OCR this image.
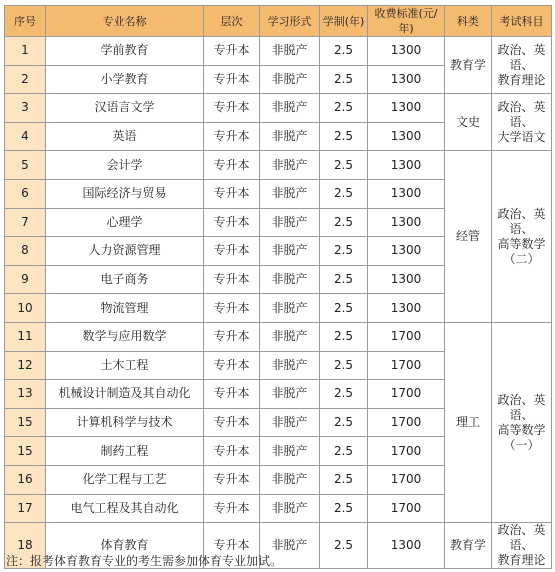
序号	专业名称	层次	学习形式	学制(年)	收费标准(元/年)	科类	考试科目
1	学前教育	专升本	非脱产	2.5	1300	教育学	政治、英语、
教育理论
2	小学教育	专升本	非脱产	2.5	1300		
3	汉语言文学	专升本	非脱产	2.5	1300	文史	政治、英语、
大学语文
4	英语	专升本	非脱产	2.5	1300		
5	会计学	专升本	非脱产	2.5	1300	经管	政治、英语、
高等数学（二）
6	国际经济与贸易	专升本	非脱产	2.5	1300		
7	心理学	专升本	非脱产	2.5	1300		
8	人力资源管理	专升本	非脱产	2.5	1300		
9	电子商务	专升本	非脱产	2.5	1300		
10	物流管理	专升本	非脱产	2.5	1300		
11	数学与应用数学	专升本	非脱产	2.5	1700	理工	政治、英语、
高等数学（一）
12	土木工程	专升本	非脱产	2.5	1700		
13	机械设计制造及其自动化	专升本	非脱产	2.5	1700		
15	计算机科学与技术	专升本	非脱产	2.5	1700		
15	制药工程	专升本	非脱产	2.5	1700		
16	化学工程与工艺	专升本	非脱产	2.5	1700		
17	电气工程及其自动化	专升本	非脱产	2.5	1700		
18	体育教育	专升本	非脱产	2.5	1300	教育学	政治、英语、
教育理论
注：报考体育教育专业的考生需参加体育专业加试。
